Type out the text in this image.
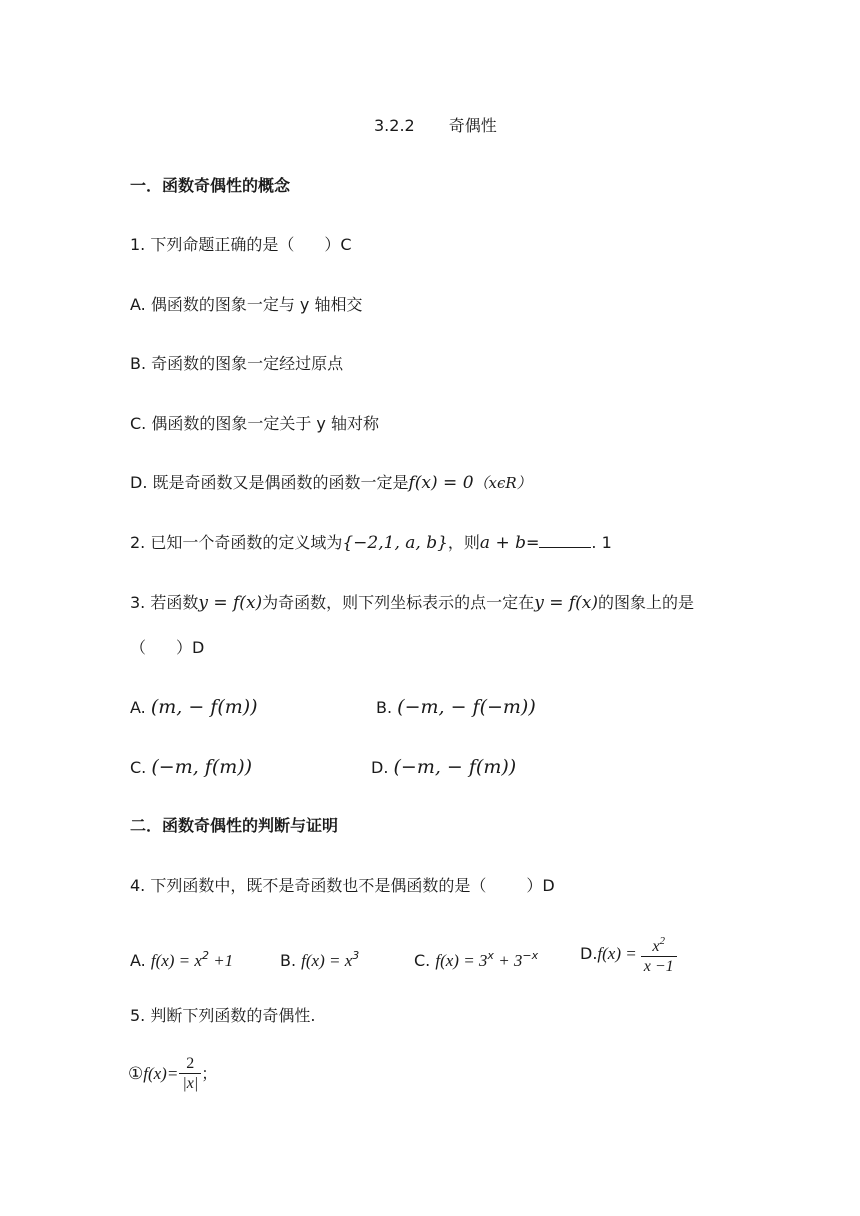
3.2.2 奇偶性
一．函数奇偶性的概念
1. 下列命题正确的是（ ）C
A. 偶函数的图象一定与 y 轴相交
B. 奇函数的图象一定经过原点
C. 偶函数的图象一定关于 y 轴对称
D. 既是奇函数又是偶函数的函数一定是f(x) = 0（xϵR）
2. 已知一个奇函数的定义域为{−2,1, a, b}，则a + b=	. 1
3. 若函数y = f(x)为奇函数，则下列坐标表示的点一定在y = f(x)的图象上的是
（ ）D
A. (m, − f(m))	B. (−m, − f(−m))
C. (−m, f(m))	D. (−m, − f(m))
二．函数奇偶性的判断与证明
4. 下列函数中，既不是奇函数也不是偶函数的是（	）D
A. $f(x) = x^2 +1$	B. $f(x) = x^3$	C. $f(x) = 3^x + 3^{-x}$	$D.f(x) = \frac{x^2}{x -1}$
5. 判断下列函数的奇偶性.
①f(x)= $\frac{2}{|x|}$ ；
